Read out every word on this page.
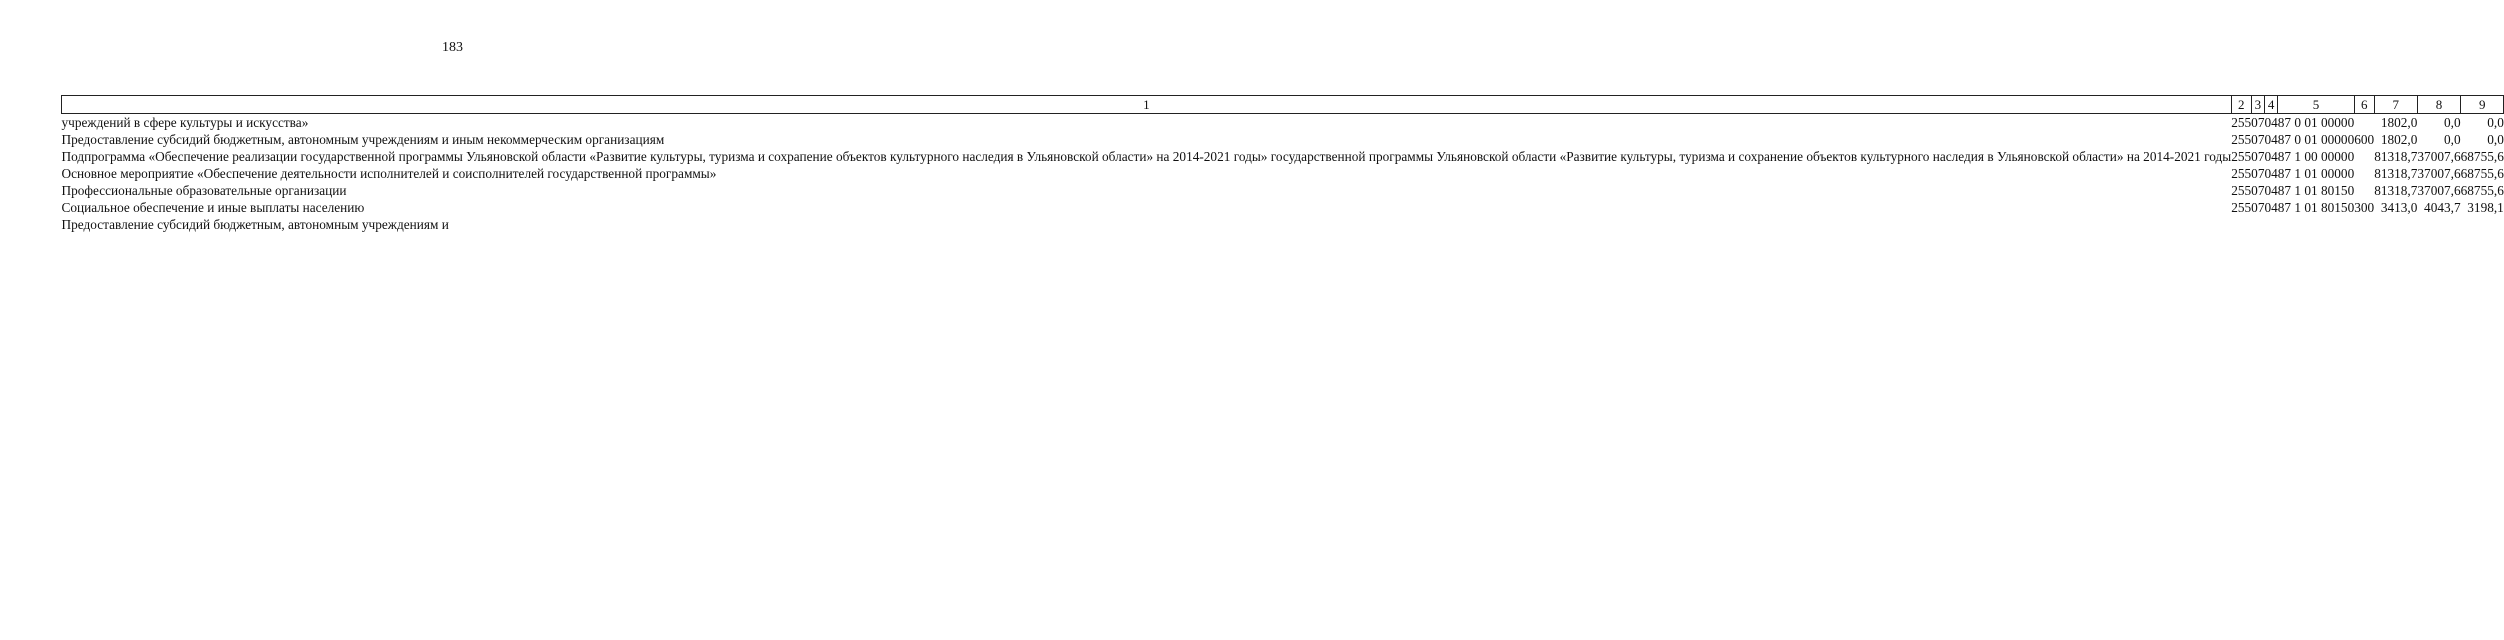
183
1	2	3	4	5	6	7	8	9
учреждений в сфере культуры и искусства»	255	07	04	87 0 01 00000		1802,0	0,0	0,0
Предоставление субсидий бюджетным, автономным учреждениям и иным некоммерческим организациям	255	07	04	87 0 01 00000	600	1802,0	0,0	0,0
Подпрограмма «Обеспечение реализации государственной программы Ульяновской области «Развитие культуры, туризма и сохрапение объектов культурного наследия в Ульяновской области» на 2014-2021 годы» государственной программы Ульяновской области «Развитие культуры, туризма и сохранение объектов культурного наследия в Ульяновской области» на 2014-2021 годы	255	07	04	87 1 00 00000		81318,7	37007,6	68755,6
Основное мероприятие «Обеспечение деятельности исполнителей и соисполнителей государственной программы»	255	07	04	87 1 01 00000		81318,7	37007,6	68755,6
Профессиональные образовательные организации	255	07	04	87 1 01 80150		81318,7	37007,6	68755,6
Социальное обеспечение и иные выплаты населению	255	07	04	87 1 01 80150	300	3413,0	4043,7	3198,1
Предоставление субсидий бюджетным, автономным учреждениям и								
